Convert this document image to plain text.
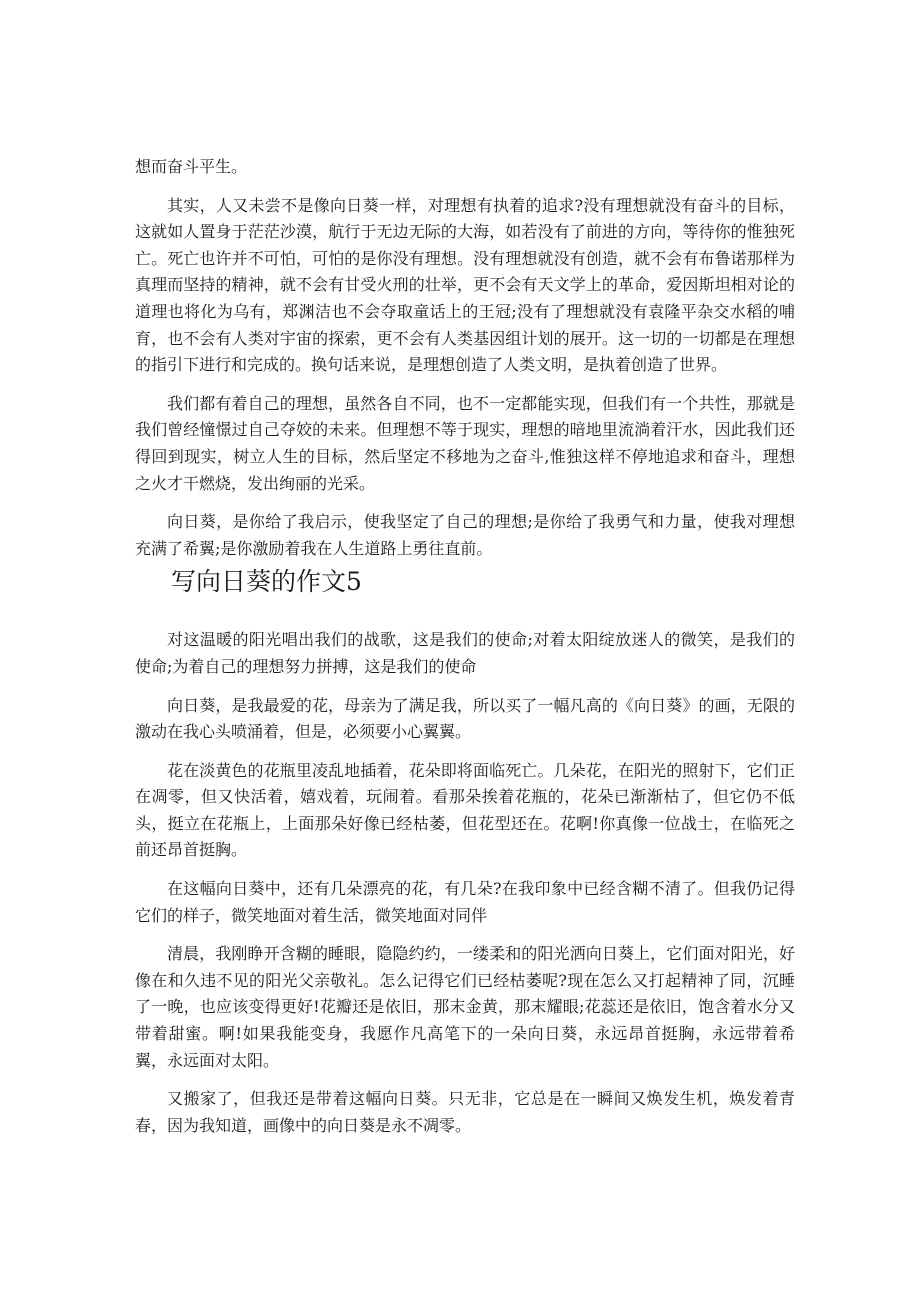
想而奋斗平生。

其实，人又未尝不是像向日葵一样，对理想有执着的追求?没有理想就没有奋斗的目标，这就如人置身于茫茫沙漠，航行于无边无际的大海，如若没有了前进的方向，等待你的惟独死亡。死亡也许并不可怕，可怕的是你没有理想。没有理想就没有创造，就不会有布鲁诺那样为真理而坚持的精神，就不会有甘受火刑的壮举，更不会有天文学上的革命，爱因斯坦相对论的道理也将化为乌有，郑渊洁也不会夺取童话上的王冠;没有了理想就没有袁隆平杂交水稻的哺育，也不会有人类对宇宙的探索，更不会有人类基因组计划的展开。这一切的一切都是在理想的指引下进行和完成的。换句话来说，是理想创造了人类文明，是执着创造了世界。

我们都有着自己的理想，虽然各自不同，也不一定都能实现，但我们有一个共性，那就是我们曾经憧憬过自己夺姣的未来。但理想不等于现实，理想的暗地里流淌着汗水，因此我们还得回到现实，树立人生的目标，然后坚定不移地为之奋斗,惟独这样不停地追求和奋斗，理想之火才干燃烧，发出绚丽的光采。

向日葵，是你给了我启示，使我坚定了自己的理想;是你给了我勇气和力量，使我对理想充满了希翼;是你激励着我在人生道路上勇往直前。

写向日葵的作文5

对这温暖的阳光唱出我们的战歌，这是我们的使命;对着太阳绽放迷人的微笑，是我们的使命;为着自己的理想努力拼搏，这是我们的使命

向日葵，是我最爱的花，母亲为了满足我，所以买了一幅凡高的《向日葵》的画，无限的激动在我心头喷涌着，但是，必须要小心翼翼。

花在淡黄色的花瓶里凌乱地插着，花朵即将面临死亡。几朵花，在阳光的照射下，它们正在凋零，但又快活着，嬉戏着，玩闹着。看那朵挨着花瓶的，花朵已渐渐枯了，但它仍不低头，挺立在花瓶上，上面那朵好像已经枯萎，但花型还在。花啊!你真像一位战士，在临死之前还昂首挺胸。

在这幅向日葵中，还有几朵漂亮的花，有几朵?在我印象中已经含糊不清了。但我仍记得它们的样子，微笑地面对着生活，微笑地面对同伴

清晨，我刚睁开含糊的睡眼，隐隐约约，一缕柔和的阳光洒向日葵上，它们面对阳光，好像在和久违不见的阳光父亲敬礼。怎么记得它们已经枯萎呢?现在怎么又打起精神了同，沉睡了一晚，也应该变得更好!花瓣还是依旧，那末金黄，那末耀眼;花蕊还是依旧，饱含着水分又带着甜蜜。啊!如果我能变身，我愿作凡高笔下的一朵向日葵，永远昂首挺胸，永远带着希翼，永远面对太阳。

又搬家了，但我还是带着这幅向日葵。只无非，它总是在一瞬间又焕发生机，焕发着青春，因为我知道，画像中的向日葵是永不凋零。
